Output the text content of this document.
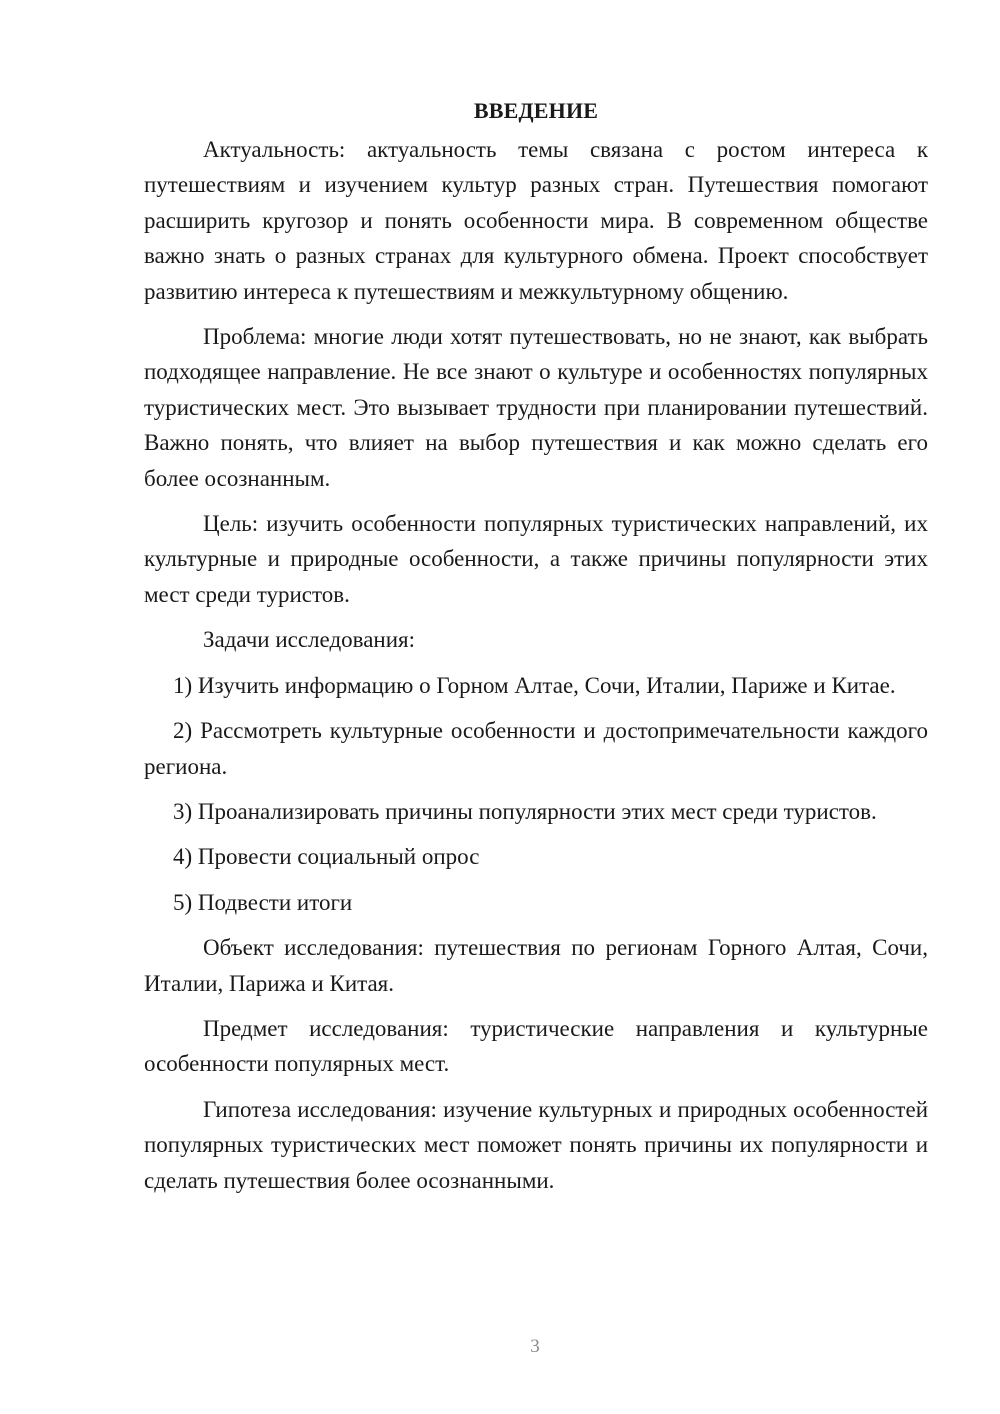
ВВЕДЕНИЕ

Актуальность: актуальность темы связана с ростом интереса к путешествиям и изучением культур разных стран. Путешествия помогают расширить кругозор и понять особенности мира. В современном обществе важно знать о разных странах для культурного обмена. Проект способствует развитию интереса к путешествиям и межкультурному общению.

Проблема: многие люди хотят путешествовать, но не знают, как выбрать подходящее направление. Не все знают о культуре и особенностях популярных туристических мест. Это вызывает трудности при планировании путешествий. Важно понять, что влияет на выбор путешествия и как можно сделать его более осознанным.

Цель: изучить особенности популярных туристических направлений, их культурные и природные особенности, а также причины популярности этих мест среди туристов.

Задачи исследования:

1) Изучить информацию о Горном Алтае, Сочи, Италии, Париже и Китае.

2) Рассмотреть культурные особенности и достопримечательности каждого региона.

3) Проанализировать причины популярности этих мест среди туристов.

4) Провести социальный опрос

5) Подвести итоги

Объект исследования: путешествия по регионам Горного Алтая, Сочи, Италии, Парижа и Китая.

Предмет исследования: туристические направления и культурные особенности популярных мест.

Гипотеза исследования: изучение культурных и природных особенностей популярных туристических мест поможет понять причины их популярности и сделать путешествия более осознанными.

3
